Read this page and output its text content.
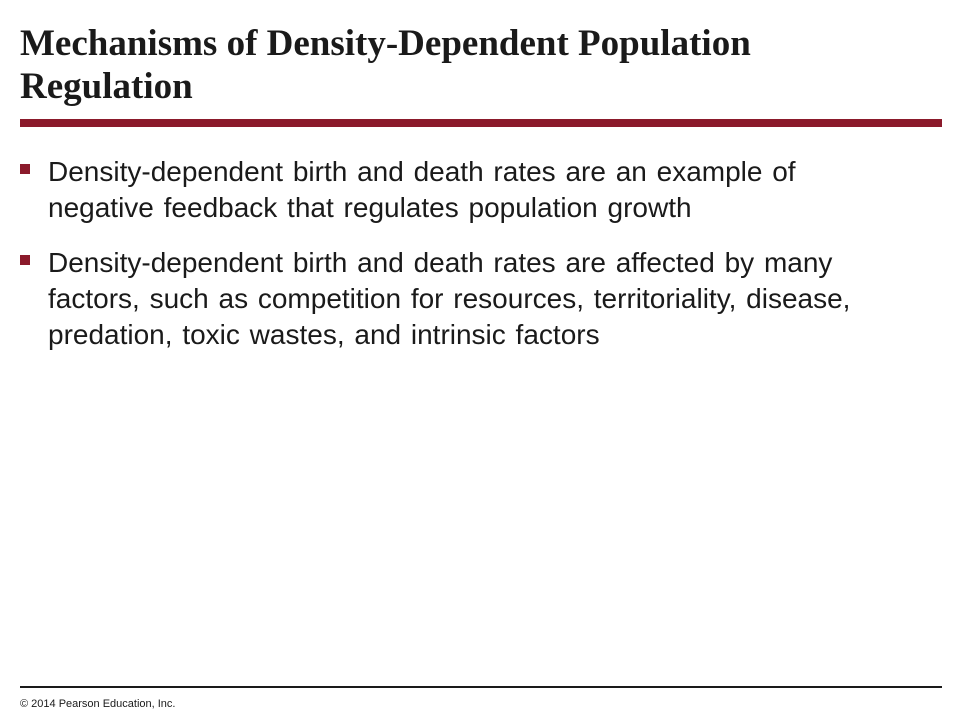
Mechanisms of Density-Dependent Population Regulation
Density-dependent birth and death rates are an example of negative feedback that regulates population growth
Density-dependent birth and death rates are affected by many factors, such as competition for resources, territoriality, disease, predation, toxic wastes, and intrinsic factors
© 2014 Pearson Education, Inc.
